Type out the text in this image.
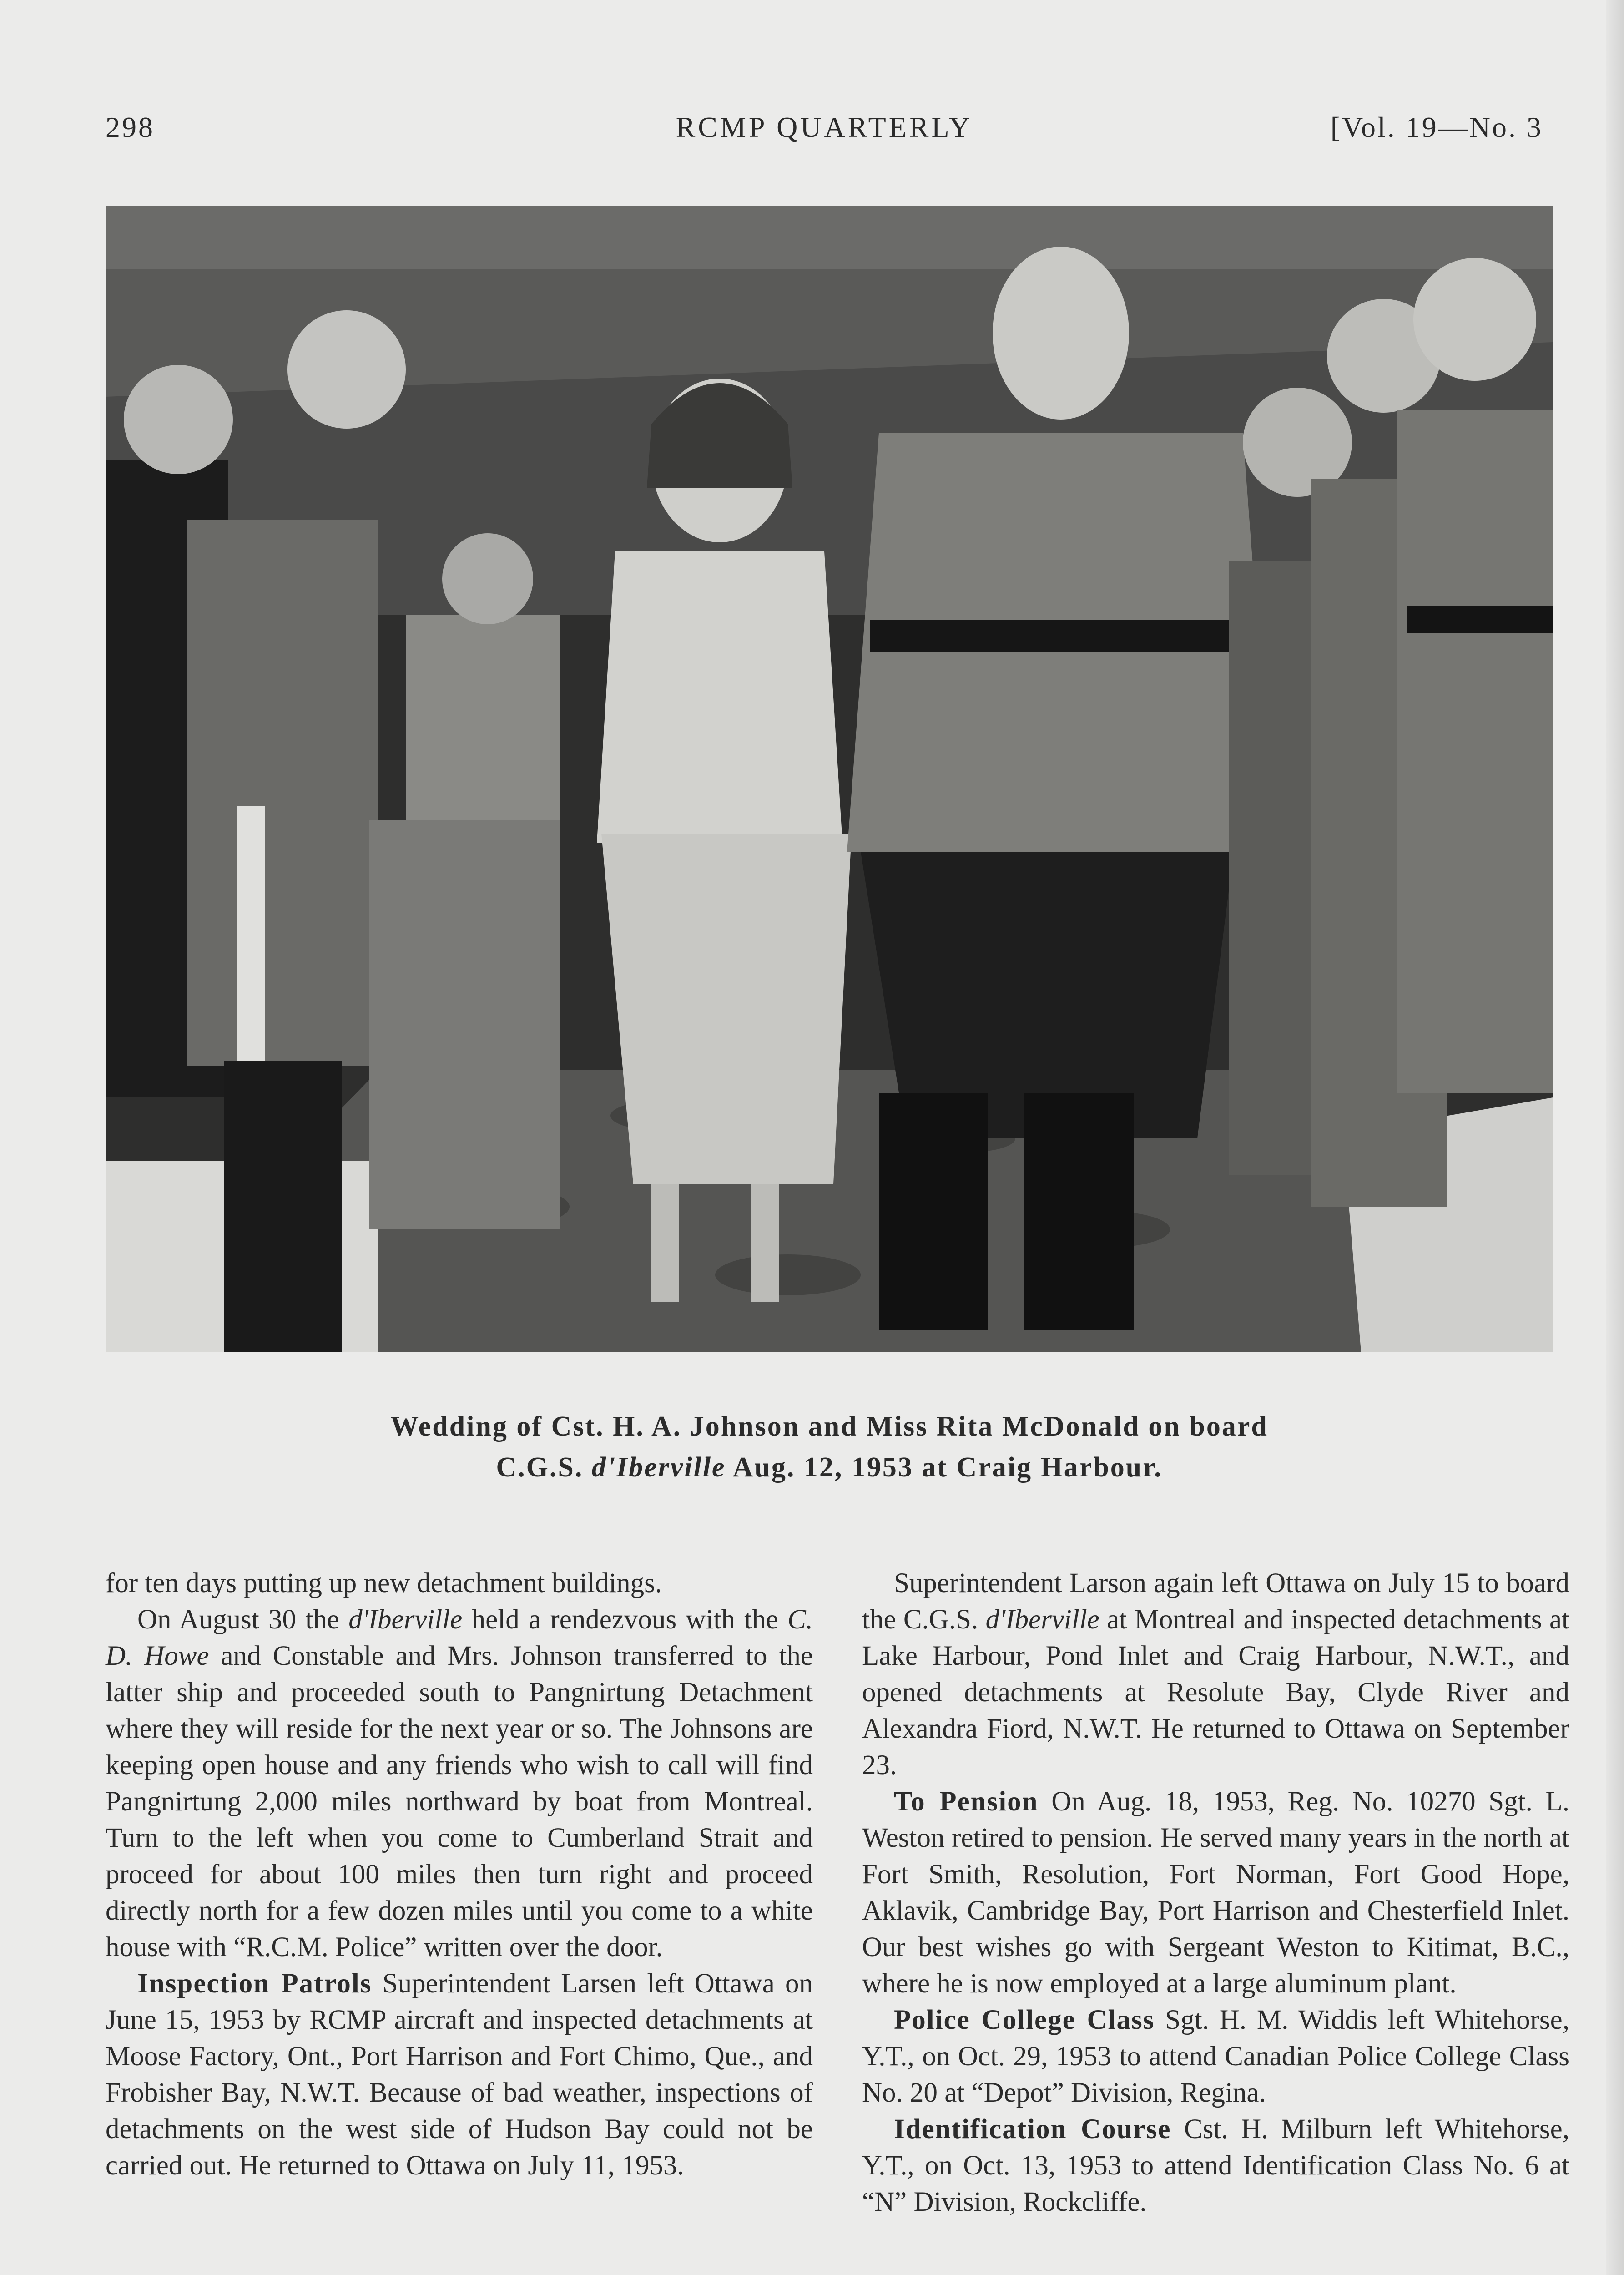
298	RCMP QUARTERLY	[Vol. 19—No. 3
Wedding of Cst. H. A. Johnson and Miss Rita McDonald on board
C.G.S. d'Iberville Aug. 12, 1953 at Craig Harbour.

for ten days putting up new detachment buildings.

On August 30 the d'Iberville held a rendezvous with the C. D. Howe and Constable and Mrs. Johnson transferred to the latter ship and proceeded south to Pangnirtung Detachment where they will reside for the next year or so. The Johnsons are keeping open house and any friends who wish to call will find Pangnirtung 2,000 miles northward by boat from Montreal. Turn to the left when you come to Cumberland Strait and proceed for about 100 miles then turn right and proceed directly north for a few dozen miles until you come to a white house with “R.C.M. Police” written over the door.

Inspection Patrols Superintendent Larsen left Ottawa on June 15, 1953 by RCMP aircraft and inspected detachments at Moose Factory, Ont., Port Harrison and Fort Chimo, Que., and Frobisher Bay, N.W.T. Because of bad weather, inspections of detachments on the west side of Hudson Bay could not be carried out. He returned to Ottawa on July 11, 1953.

Superintendent Larson again left Ottawa on July 15 to board the C.G.S. d'Iberville at Montreal and inspected detachments at Lake Harbour, Pond Inlet and Craig Harbour, N.W.T., and opened detachments at Resolute Bay, Clyde River and Alexandra Fiord, N.W.T. He returned to Ottawa on September 23.

To Pension On Aug. 18, 1953, Reg. No. 10270 Sgt. L. Weston retired to pension. He served many years in the north at Fort Smith, Resolution, Fort Norman, Fort Good Hope, Aklavik, Cambridge Bay, Port Harrison and Chesterfield Inlet. Our best wishes go with Sergeant Weston to Kitimat, B.C., where he is now employed at a large aluminum plant.

Police College Class Sgt. H. M. Widdis left Whitehorse, Y.T., on Oct. 29, 1953 to attend Canadian Police College Class No. 20 at “Depot” Division, Regina.

Identification Course Cst. H. Milburn left Whitehorse, Y.T., on Oct. 13, 1953 to attend Identification Class No. 6 at “N” Division, Rockcliffe.
